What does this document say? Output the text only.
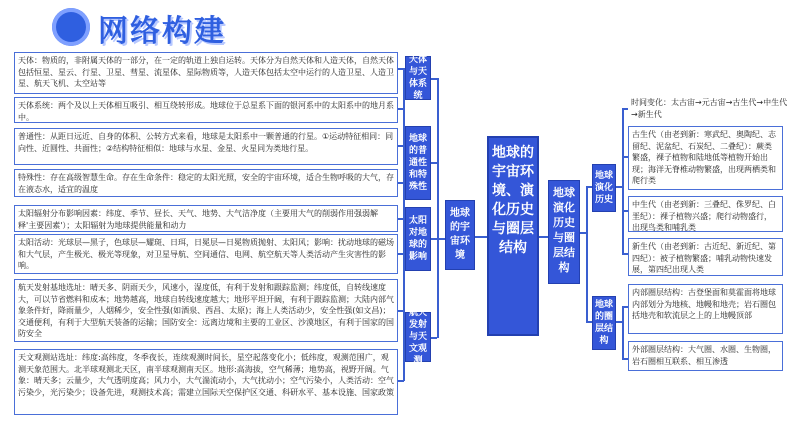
网络构建
天体：物质的，非附属天体的一部分，在一定的轨道上独自运转。天体分为自然天体和人造天体，自然天体包括恒星、星云、行星、卫星、彗星、流星体、星际物质等，人造天体包括太空中运行的人造卫星、人造卫星、航天飞机、太空站等
天体系统：两个及以上天体相互吸引、相互绕转形成。地球位于总星系下面的银河系中的太阳系中的地月系中。
普通性：从距日远近、自身的体积、公转方式来看，地球是太阳系中一颗普通的行星。①运动特征相同：同向性、近圆性、共面性；②结构特征相似：地球与水星、金星、火星同为类地行星。
特殊性：存在高级智慧生命。存在生命条件：稳定的太阳光照，安全的宇宙环境，适合生物呼吸的大气，存在液态水，适宜的温度
太阳辐射分布影响因素：纬度、季节、昼长、天气、地势、大气洁净度（主要用大气的削弱作用强弱解释'主要因素'）；太阳辐射为地球提供能量和动力
太阳活动：光球层—黑子，色球层—耀斑、日珥，日冕层—日冕物质抛射、太阳风；影响：扰动地球的磁场和大气层，产生极光、极光等现象，对卫星导航、空间通信、电网、航空航天等人类活动产生灾害性的影响。
航天发射基地选址：晴天多、阴雨天少，风速小，湿度低，有利于发射和跟踪监测；纬度低，自转线速度大，可以节省燃料和成本；地势越高，地球自转线速度越大；地形平坦开阔，有利于跟踪监测；大陆内部气象条件好，降雨量少，人烟稀少，安全性强(如酒泉、西昌、太原)；海上人类活动少，安全性强(如文昌)；交通便利，有利于大型航天装备的运输；国防安全：远离边境和主要的工业区、沙漠地区，有利于国家的国防安全
天文观测站选址：纬度:高纬度，冬季夜长，连续观测时间长，星空起落变化小；低纬度，观测范围广，观测天象范围大。北半球观测北天区，南半球观测南天区。地形:高海拔，空气稀薄；地势高，视野开阔。气象：晴天多；云量少，大气透明度高；风力小，大气湍流动小，大气扰动小；空气污染小，人类活动：空气污染少，光污染少；设备先进，观测技术高；需建立国际天空保护区交通、科研水平、基本设施、国家政策
天体与天体系统
地球的普通性和特殊性
太阳对地球的影响
航天发射与天文观测
地球的宇宙环境
地球的宇宙环境、演化历史与圈层结构
地球演化历史与圈层结构
地球演化历史
地球的圈层结构
时间变化：太古宙→元古宙→古生代→中生代→新生代
古生代（由老到新：寒武纪、奥陶纪、志留纪、泥盆纪、石炭纪、二叠纪）：蕨类繁盛，裸子植物和陆地低等植物开始出现；海洋无脊椎动物繁盛，出现两栖类和爬行类
中生代（由老到新：三叠纪、侏罗纪、白垩纪）：裸子植物兴盛；爬行动物盛行，出现鸟类和哺乳类
新生代（由老到新：古近纪、新近纪、第四纪）：被子植物繁盛；哺乳动物快速发展，第四纪出现人类
内部圈层结构：古登堡面和莫霍面将地球内部划分为地核、地幔和地壳；岩石圈包括地壳和软流层之上的上地幔顶部
外部圈层结构：大气圈、水圈、生物圈，岩石圈相互联系、相互渗透
